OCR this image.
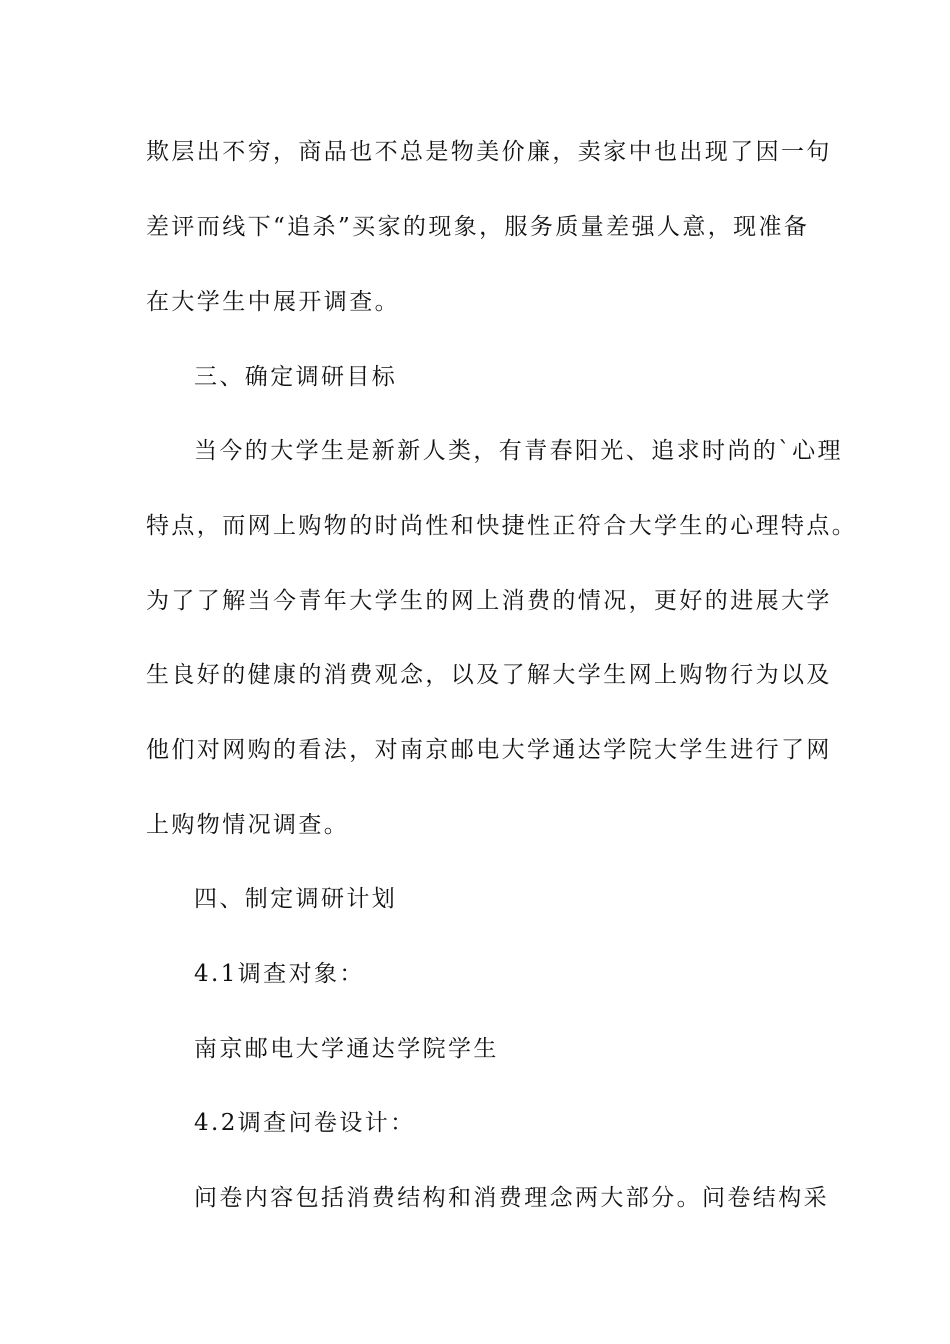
欺层出不穷，商品也不总是物美价廉，卖家中也出现了因一句
差评而线下“追杀”买家的现象，服务质量差强人意，现准备
在大学生中展开调查。
三、确定调研目标
当今的大学生是新新人类，有青春阳光、追求时尚的`心理
特点，而网上购物的时尚性和快捷性正符合大学生的心理特点。
为了了解当今青年大学生的网上消费的情况，更好的进展大学
生良好的健康的消费观念，以及了解大学生网上购物行为以及
他们对网购的看法，对南京邮电大学通达学院大学生进行了网
上购物情况调查。
四、制定调研计划
4.1调查对象：
南京邮电大学通达学院学生
4.2调查问卷设计：
问卷内容包括消费结构和消费理念两大部分。问卷结构采
